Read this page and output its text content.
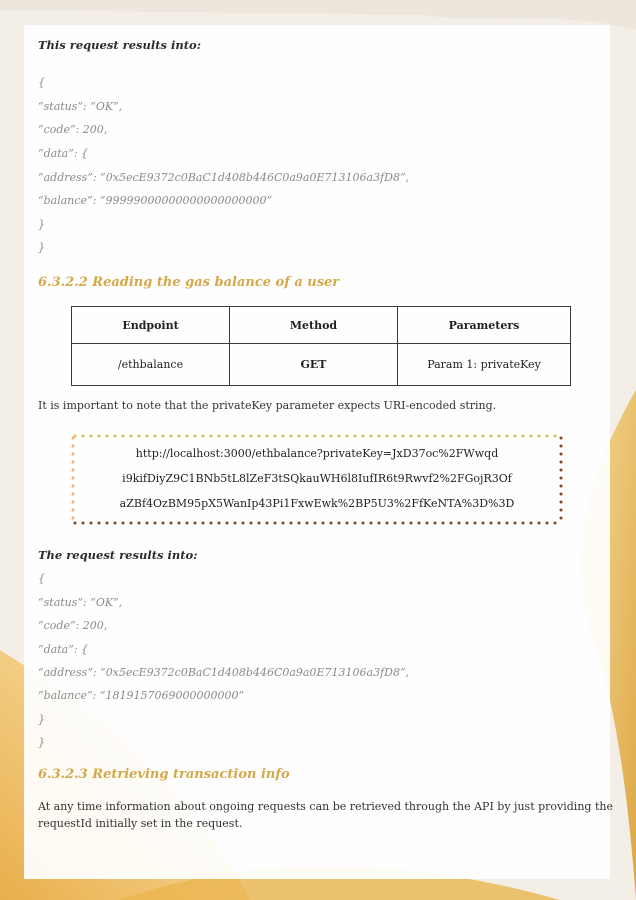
This request results into:
{
“status”: “OK”,
“code”: 200,
“data”: {
“address”: “0x5ecE9372c0BaC1d408b446C0a9a0E713106a3fD8”,
“balance”: “99999000000000000000000”
}
}
6.3.2.2 Reading the gas balance of a user
Endpoint	Method	Parameters
/ethbalance	GET	Param 1: privateKey
It is important to note that the privateKey parameter expects URI-encoded string.
http://localhost:3000/ethbalance?privateKey=JxD37oc%2FWwqd
i9kifDiyZ9C1BNb5tL8lZeF3tSQkauWH6l8IufIR6t9Rwvf2%2FGojR3Of
aZBf4OzBM95pX5WanIp43Pi1FxwEwk%2BP5U3%2FfKeNTA%3D%3D
The request results into:
{
“status”: “OK”,
“code”: 200,
“data”: {
“address”: “0x5ecE9372c0BaC1d408b446C0a9a0E713106a3fD8”,
“balance”: “1819157069000000000”
}
}
6.3.2.3 Retrieving transaction info
At any time information about ongoing requests can be retrieved through the API by just providing the
requestId initially set in the request.
